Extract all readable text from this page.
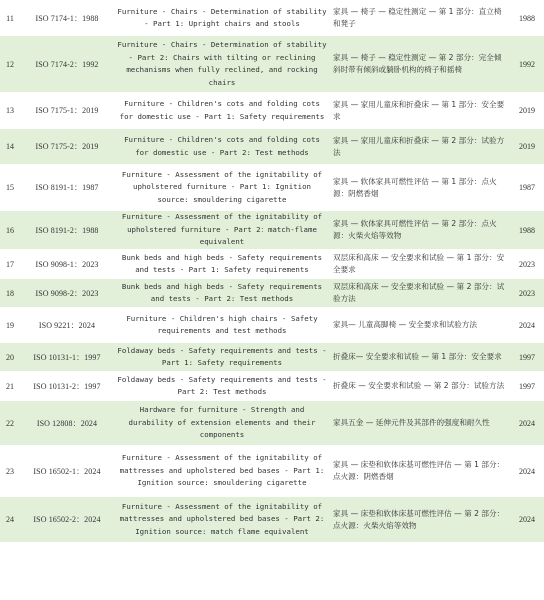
11	ISO 7174-1：1988	Furniture - Chairs - Determination of stability - Part 1: Upright chairs and stools	家具 — 椅子 — 稳定性测定 — 第 1 部分：直立椅和凳子	1988
12	ISO 7174-2：1992	Furniture - Chairs - Determination of stability - Part 2: Chairs with tilting or reclining mechanisms when fully reclined, and rocking chairs	家具 — 椅子 — 稳定性测定 — 第 2 部分：完全倾斜时带有倾斜或躺卧机构的椅子和摇椅	1992
13	ISO 7175-1：2019	Furniture - Children's cots and folding cots for domestic use - Part 1: Safety requirements	家具 — 家用儿童床和折叠床 — 第 1 部分：安全要求	2019
14	ISO 7175-2：2019	Furniture - Children's cots and folding cots for domestic use - Part 2: Test methods	家具 — 家用儿童床和折叠床 — 第 2 部分：试验方法	2019
15	ISO 8191-1：1987	Furniture - Assessment of the ignitability of upholstered furniture - Part 1: Ignition source: smouldering cigarette	家具 — 软体家具可燃性评估 — 第 1 部分：点火源：阴燃香烟	1987
16	ISO 8191-2：1988	Furniture - Assessment of the ignitability of upholstered furniture - Part 2：match-flame equivalent	家具 — 软体家具可燃性评估 — 第 2 部分：点火源：火柴火焰等效物	1988
17	ISO 9098-1：2023	Bunk beds and high beds - Safety requirements and tests - Part 1: Safety requirements	双层床和高床 — 安全要求和试验 — 第 1 部分：安全要求	2023
18	ISO 9098-2：2023	Bunk beds and high beds - Safety requirements and tests - Part 2: Test methods	双层床和高床 — 安全要求和试验 — 第 2 部分：试验方法	2023
19	ISO 9221：2024	Furniture - Children's high chairs - Safety requirements and test methods	家具— 儿童高脚椅 — 安全要求和试验方法	2024
20	ISO 10131-1：1997	Foldaway beds - Safety requirements and tests - Part 1: Safety requirements	折叠床— 安全要求和试验 — 第 1 部分：安全要求	1997
21	ISO 10131-2：1997	Foldaway beds - Safety requirements and tests - Part 2: Test methods	折叠床 — 安全要求和试验 — 第 2 部分：试验方法	1997
22	ISO 12808：2024	Hardware for furniture - Strength and durability of extension elements and their components	家具五金 — 延伸元件及其部件的强度和耐久性	2024
23	ISO 16502-1：2024	Furniture - Assessment of the ignitability of mattresses and upholstered bed bases - Part 1: Ignition source: smouldering cigarette	家具 — 床垫和软体床基可燃性评估 — 第 1 部分：点火源：阴燃香烟	2024
24	ISO 16502-2：2024	Furniture - Assessment of the ignitability of mattresses and upholstered bed bases - Part 2: Ignition source: match flame equivalent	家具 — 床垫和软体床基可燃性评估 — 第 2 部分：点火源：火柴火焰等效物	2024
